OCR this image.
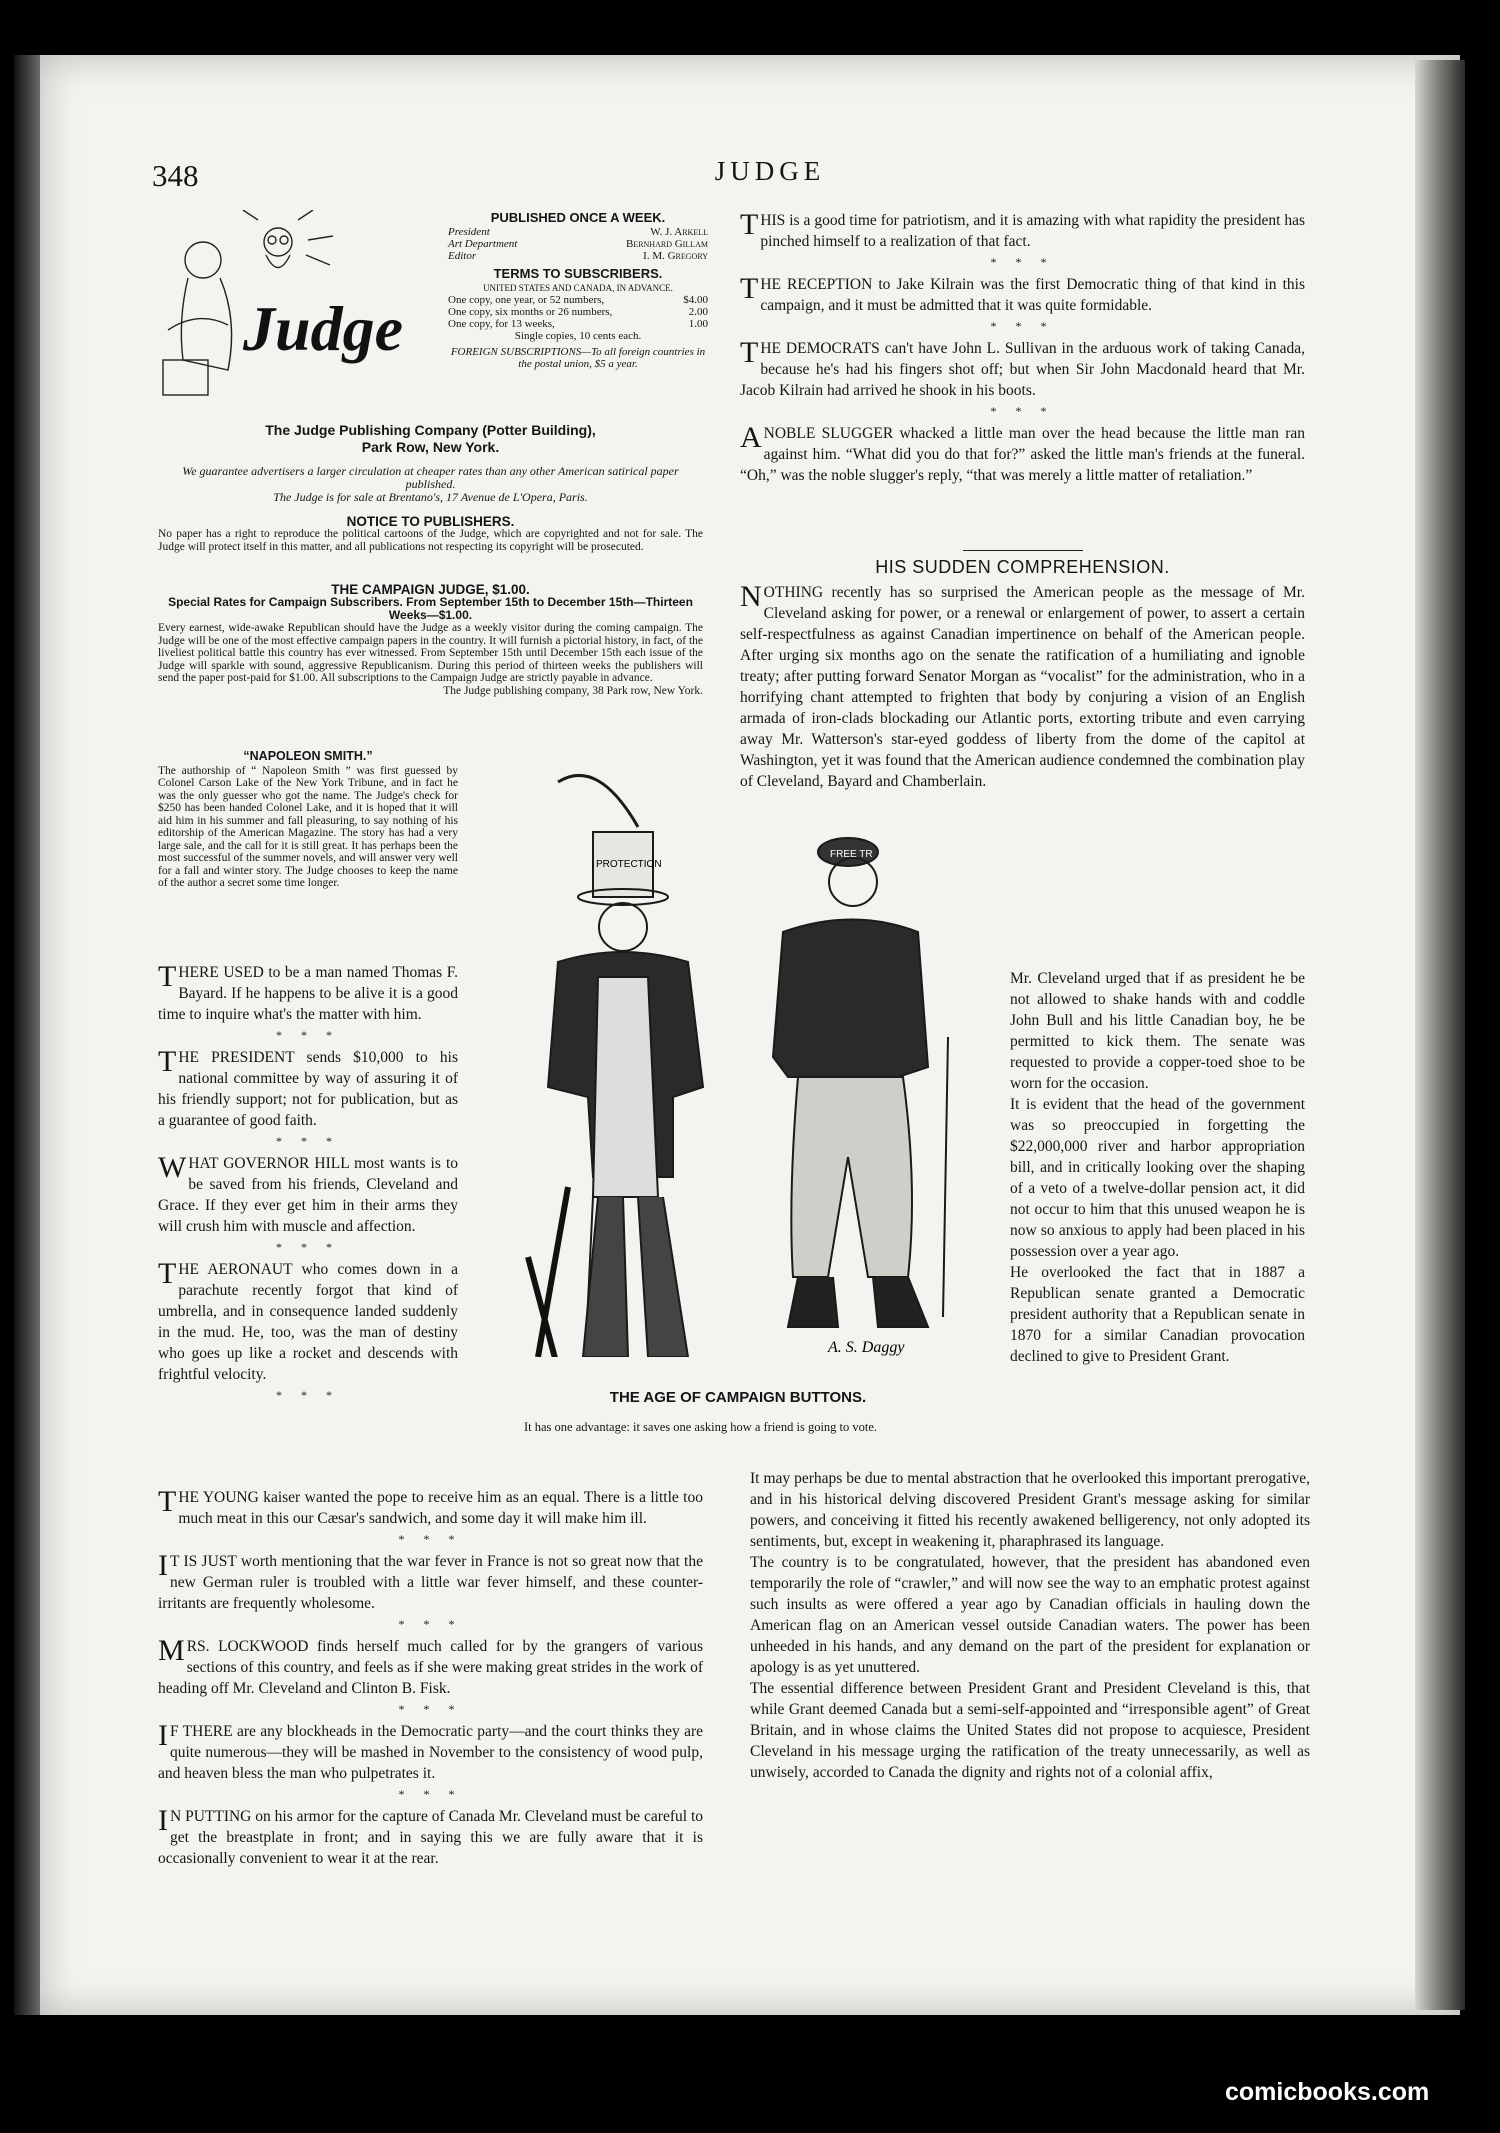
348	JUDGE
Judge
PUBLISHED ONCE A WEEK.
President	W. J. Arkell
Art Department	Bernhard Gillam
Editor	I. M. Gregory
TERMS TO SUBSCRIBERS.
UNITED STATES AND CANADA, IN ADVANCE.
One copy, one year, or 52 numbers,	$4.00
One copy, six months or 26 numbers,	2.00
One copy, for 13 weeks,	1.00
Single copies, 10 cents each.
FOREIGN SUBSCRIPTIONS—To all foreign countries in the postal union, $5 a year.
The Judge Publishing Company (Potter Building),
Park Row, New York.
We guarantee advertisers a larger circulation at cheaper rates than any other American satirical paper published.
The Judge is for sale at Brentano's, 17 Avenue de L'Opera, Paris.
NOTICE TO PUBLISHERS.

No paper has a right to reproduce the political cartoons of the Judge, which are copyrighted and not for sale. The Judge will protect itself in this matter, and all publications not respecting its copyright will be prosecuted.

THE CAMPAIGN JUDGE, $1.00.
Special Rates for Campaign Subscribers. From September 15th to December 15th—Thirteen Weeks—$1.00.

Every earnest, wide-awake Republican should have the Judge as a weekly visitor during the coming campaign. The Judge will be one of the most effective campaign papers in the country. It will furnish a pictorial history, in fact, of the liveliest political battle this country has ever witnessed. From September 15th until December 15th each issue of the Judge will sparkle with sound, aggressive Republicanism. During this period of thirteen weeks the publishers will send the paper post-paid for $1.00. All subscriptions to the Campaign Judge are strictly payable in advance.

The Judge publishing company, 38 Park row, New York.
“NAPOLEON SMITH.”

The authorship of “ Napoleon Smith ” was first guessed by Colonel Carson Lake of the New York Tribune, and in fact he was the only guesser who got the name. The Judge's check for $250 has been handed Colonel Lake, and it is hoped that it will aid him in his summer and fall pleasuring, to say nothing of his editorship of the American Magazine. The story has had a very large sale, and the call for it is still great. It has perhaps been the most successful of the summer novels, and will answer very well for a fall and winter story. The Judge chooses to keep the name of the author a secret some time longer.

THERE USED to be a man named Thomas F. Bayard. If he happens to be alive it is a good time to inquire what's the matter with him.

* * *

THE PRESIDENT sends $10,000 to his national committee by way of assuring it of his friendly support; not for publication, but as a guarantee of good faith.

* * *

WHAT GOVERNOR HILL most wants is to be saved from his friends, Cleveland and Grace. If they ever get him in their arms they will crush him with muscle and affection.

* * *

THE AERONAUT who comes down in a parachute recently forgot that kind of umbrella, and in consequence landed suddenly in the mud. He, too, was the man of destiny who goes up like a rocket and descends with frightful velocity.

* * *

THE YOUNG kaiser wanted the pope to receive him as an equal. There is a little too much meat in this our Cæsar's sandwich, and some day it will make him ill.

* * *

I T IS JUST worth mentioning that the war fever in France is not so great now that the new German ruler is troubled with a little war fever himself, and these counter-irritants are frequently wholesome.

* * *

MRS. LOCKWOOD finds herself much called for by the grangers of various sections of this country, and feels as if she were making great strides in the work of heading off Mr. Cleveland and Clinton B. Fisk.

* * *

I F THERE are any blockheads in the Democratic party—and the court thinks they are quite numerous—they will be mashed in November to the consistency of wood pulp, and heaven bless the man who pulpetrates it.

* * *

I N PUTTING on his armor for the capture of Canada Mr. Cleveland must be careful to get the breastplate in front; and in saying this we are fully aware that it is occasionally convenient to wear it at the rear.

THIS is a good time for patriotism, and it is amazing with what rapidity the president has pinched himself to a realization of that fact.

* * *

THE RECEPTION to Jake Kilrain was the first Democratic thing of that kind in this campaign, and it must be admitted that it was quite formidable.

* * *

THE DEMOCRATS can't have John L. Sullivan in the arduous work of taking Canada, because he's had his fingers shot off; but when Sir John Macdonald heard that Mr. Jacob Kilrain had arrived he shook in his boots.

* * *

A NOBLE SLUGGER whacked a little man over the head because the little man ran against him. “What did you do that for?” asked the little man's friends at the funeral. “Oh,” was the noble slugger's reply, “that was merely a little matter of retaliation.”

HIS SUDDEN COMPREHENSION.

NOTHING recently has so surprised the American people as the message of Mr. Cleveland asking for power, or a renewal or enlargement of power, to assert a certain self-respectfulness as against Canadian impertinence on behalf of the American people. After urging six months ago on the senate the ratification of a humiliating and ignoble treaty; after putting forward Senator Morgan as “vocalist” for the administration, who in a horrifying chant attempted to frighten that body by conjuring a vision of an English armada of iron-clads blockading our Atlantic ports, extorting tribute and even carrying away Mr. Watterson's star-eyed goddess of liberty from the dome of the capitol at Washington, yet it was found that the American audience condemned the combination play of Cleveland, Bayard and Chamberlain.

Mr. Cleveland urged that if as president he be not allowed to shake hands with and coddle John Bull and his little Canadian boy, he be permitted to kick them. The senate was requested to provide a copper-toed shoe to be worn for the occasion.

It is evident that the head of the government was so preoccupied in forgetting the $22,000,000 river and harbor appropriation bill, and in critically looking over the shaping of a veto of a twelve-dollar pension act, it did not occur to him that this unused weapon he is now so anxious to apply had been placed in his possession over a year ago.

He overlooked the fact that in 1887 a Republican senate granted a Democratic president authority that a Republican senate in 1870 for a similar Canadian provocation declined to give to President Grant.

It may perhaps be due to mental abstraction that he overlooked this important prerogative, and in his historical delving discovered President Grant's message asking for similar powers, and conceiving it fitted his recently awakened belligerency, not only adopted its sentiments, but, except in weakening it, pharaphrased its language.

The country is to be congratulated, however, that the president has abandoned even temporarily the role of “crawler,” and will now see the way to an emphatic protest against such insults as were offered a year ago by Canadian officials in hauling down the American flag on an American vessel outside Canadian waters. The power has been unheeded in his hands, and any demand on the part of the president for explanation or apology is as yet unuttered.

The essential difference between President Grant and President Cleveland is this, that while Grant deemed Canada but a semi-self-appointed and “irresponsible agent” of Great Britain, and in whose claims the United States did not propose to acquiesce, President Cleveland in his message urging the ratification of the treaty unnecessarily, as well as unwisely, accorded to Canada the dignity and rights not of a colonial affix,

PROTECTION
FREE TR
A. S. Daggy
THE AGE OF CAMPAIGN BUTTONS.
It has one advantage: it saves one asking how a friend is going to vote.
comicbooks.com
